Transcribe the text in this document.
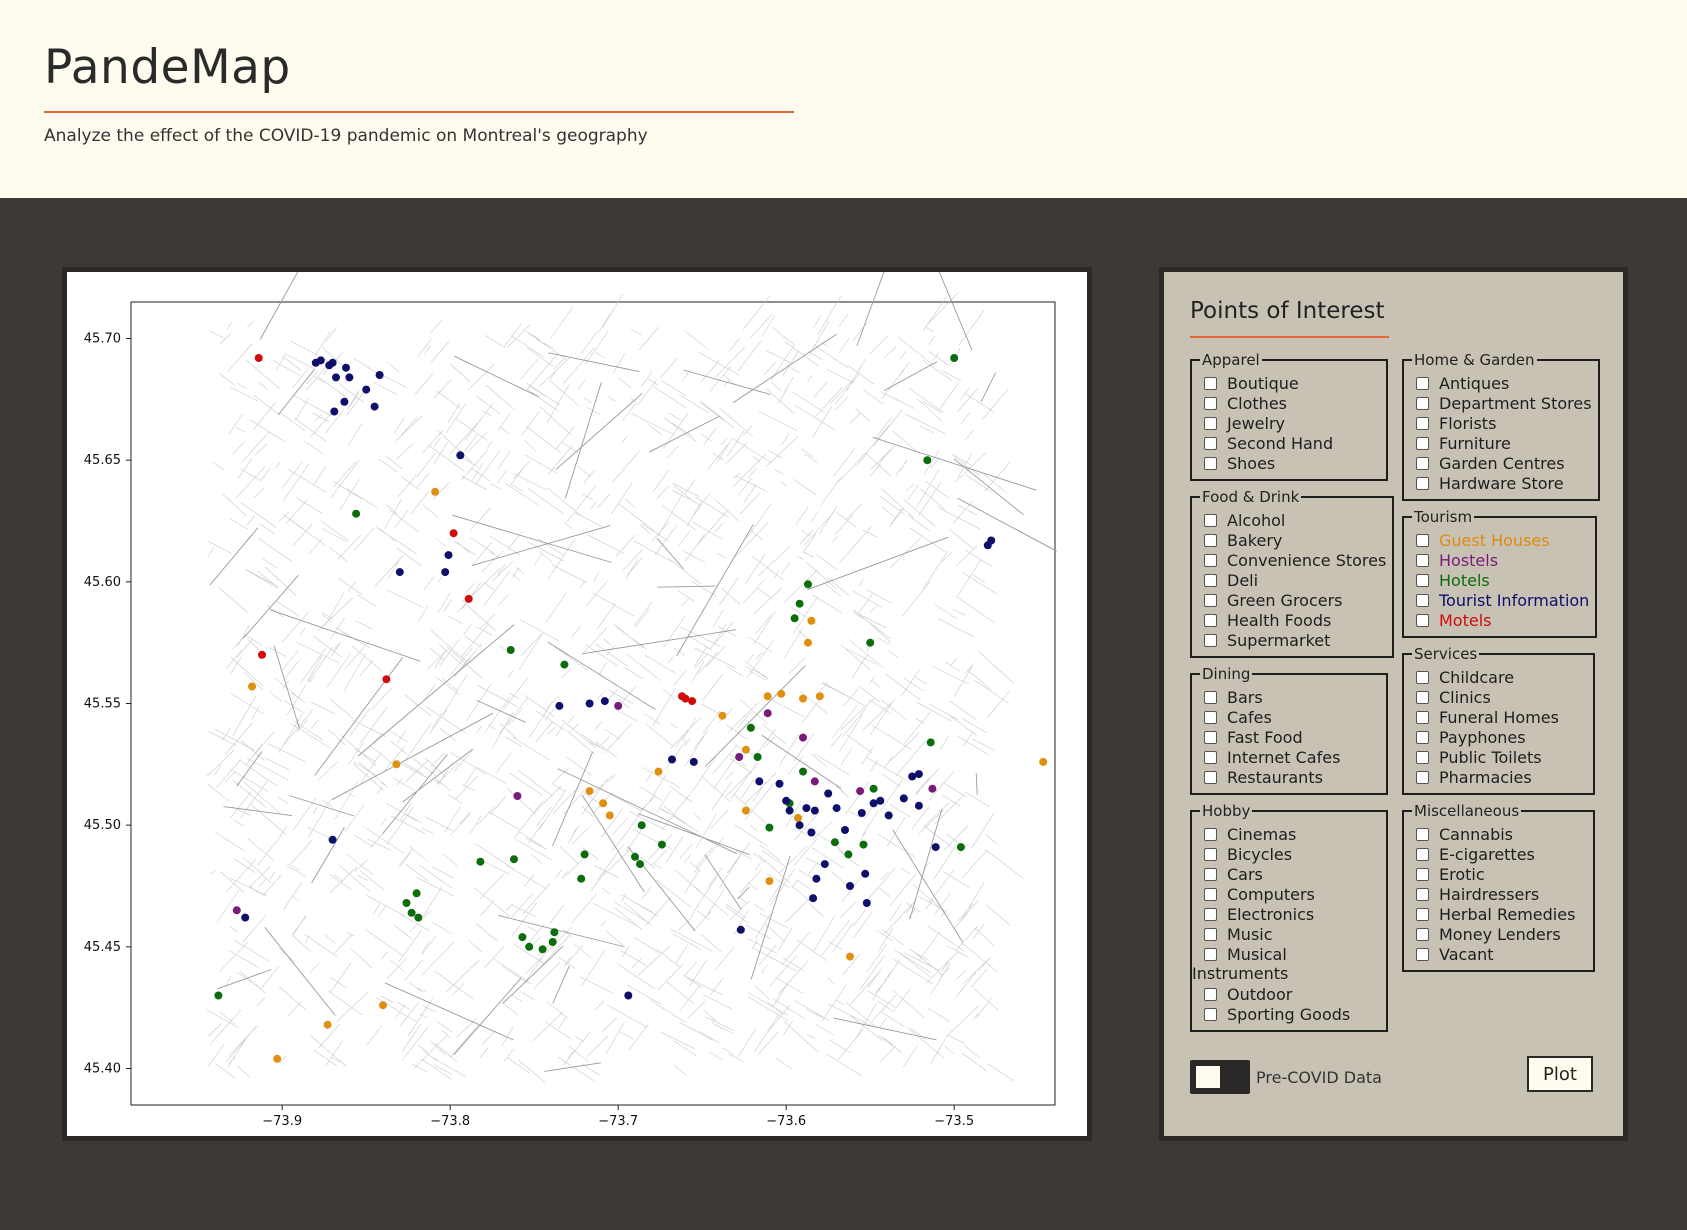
PandeMap
Analyze the effect of the COVID-19 pandemic on Montreal's geography
−73.9	−73.8	−73.7	−73.6	−73.5
45.40
45.45
45.50
45.55
45.60
45.65
45.70
Points of Interest
Apparel
Boutique
Clothes
Jewelry
Second Hand
Shoes
Food & Drink
Alcohol
Bakery
Convenience Stores
Deli
Green Grocers
Health Foods
Supermarket
Dining
Bars
Cafes
Fast Food
Internet Cafes
Restaurants
Hobby
Cinemas
Bicycles
Cars
Computers
Electronics
Music
Musical
Instruments
Outdoor
Sporting Goods
Home & Garden
Antiques
Department Stores
Florists
Furniture
Garden Centres
Hardware Store
Tourism
Guest Houses
Hostels
Hotels
Tourist Information
Motels
Services
Childcare
Clinics
Funeral Homes
Payphones
Public Toilets
Pharmacies
Miscellaneous
Cannabis
E-cigarettes
Erotic
Hairdressers
Herbal Remedies
Money Lenders
Vacant
Pre-COVID Data	Plot
